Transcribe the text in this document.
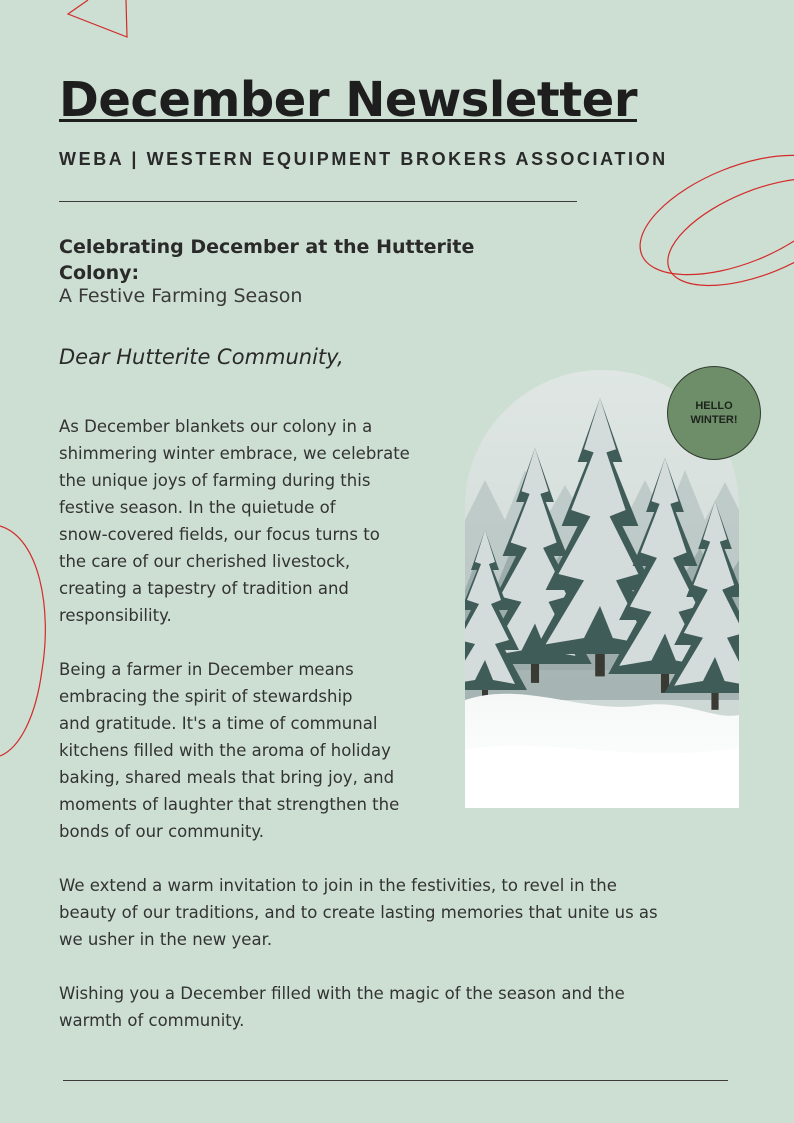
December Newsletter
WEBA | WESTERN EQUIPMENT BROKERS ASSOCIATION
Celebrating December at the Hutterite Colony:
A Festive Farming Season
Dear Hutterite Community,

As December blankets our colony in a
shimmering winter embrace, we celebrate
the unique joys of farming during this
festive season. In the quietude of
snow-covered fields, our focus turns to
the care of our cherished livestock,
creating a tapestry of tradition and
responsibility.

Being a farmer in December means
embracing the spirit of stewardship
and gratitude. It's a time of communal
kitchens filled with the aroma of holiday
baking, shared meals that bring joy, and
moments of laughter that strengthen the
bonds of our community.

We extend a warm invitation to join in the festivities, to revel in the
beauty of our traditions, and to create lasting memories that unite us as
we usher in the new year.

Wishing you a December filled with the magic of the season and the
warmth of community.

HELLO WINTER!
